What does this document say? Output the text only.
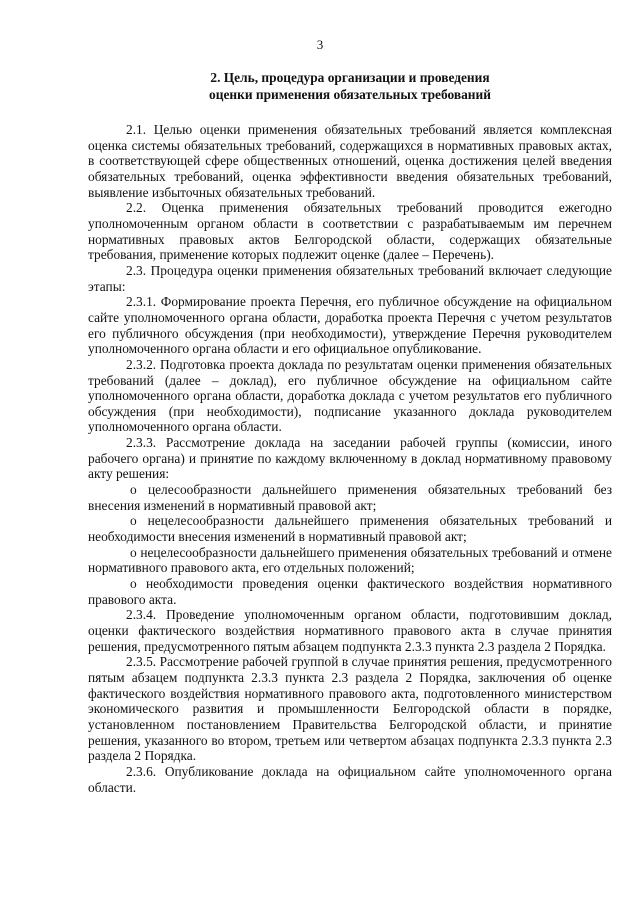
3
2. Цель, процедура организации и проведения
оценки применения обязательных требований

2.1. Целью оценки применения обязательных требований является комплексная оценка системы обязательных требований, содержащихся в нормативных правовых актах, в соответствующей сфере общественных отношений, оценка достижения целей введения обязательных требований, оценка эффективности введения обязательных требований, выявление избыточных обязательных требований.

2.2. Оценка применения обязательных требований проводится ежегодно уполномоченным органом области в соответствии с разрабатываемым им перечнем нормативных правовых актов Белгородской области, содержащих обязательные требования, применение которых подлежит оценке (далее – Перечень).

2.3. Процедура оценки применения обязательных требований включает следующие этапы:

2.3.1. Формирование проекта Перечня, его публичное обсуждение на официальном сайте уполномоченного органа области, доработка проекта Перечня с учетом результатов его публичного обсуждения (при необходимости), утверждение Перечня руководителем уполномоченного органа области и его официальное опубликование.

2.3.2. Подготовка проекта доклада по результатам оценки применения обязательных требований (далее – доклад), его публичное обсуждение на официальном сайте уполномоченного органа области, доработка доклада с учетом результатов его публичного обсуждения (при необходимости), подписание указанного доклада руководителем уполномоченного органа области.

2.3.3. Рассмотрение доклада на заседании рабочей группы (комиссии, иного рабочего органа) и принятие по каждому включенному в доклад нормативному правовому акту решения:

о целесообразности дальнейшего применения обязательных требований без внесения изменений в нормативный правовой акт;

о нецелесообразности дальнейшего применения обязательных требований и необходимости внесения изменений в нормативный правовой акт;

о нецелесообразности дальнейшего применения обязательных требований и отмене нормативного правового акта, его отдельных положений;

о необходимости проведения оценки фактического воздействия нормативного правового акта.

2.3.4. Проведение уполномоченным органом области, подготовившим доклад, оценки фактического воздействия нормативного правового акта в случае принятия решения, предусмотренного пятым абзацем подпункта 2.3.3 пункта 2.3 раздела 2 Порядка.

2.3.5. Рассмотрение рабочей группой в случае принятия решения, предусмотренного пятым абзацем подпункта 2.3.3 пункта 2.3 раздела 2 Порядка, заключения об оценке фактического воздействия нормативного правового акта, подготовленного министерством экономического развития и промышленности Белгородской области в порядке, установленном постановлением Правительства Белгородской области, и принятие решения, указанного во втором, третьем или четвертом абзацах подпункта 2.3.3 пункта 2.3 раздела 2 Порядка.

2.3.6. Опубликование доклада на официальном сайте уполномоченного органа области.
